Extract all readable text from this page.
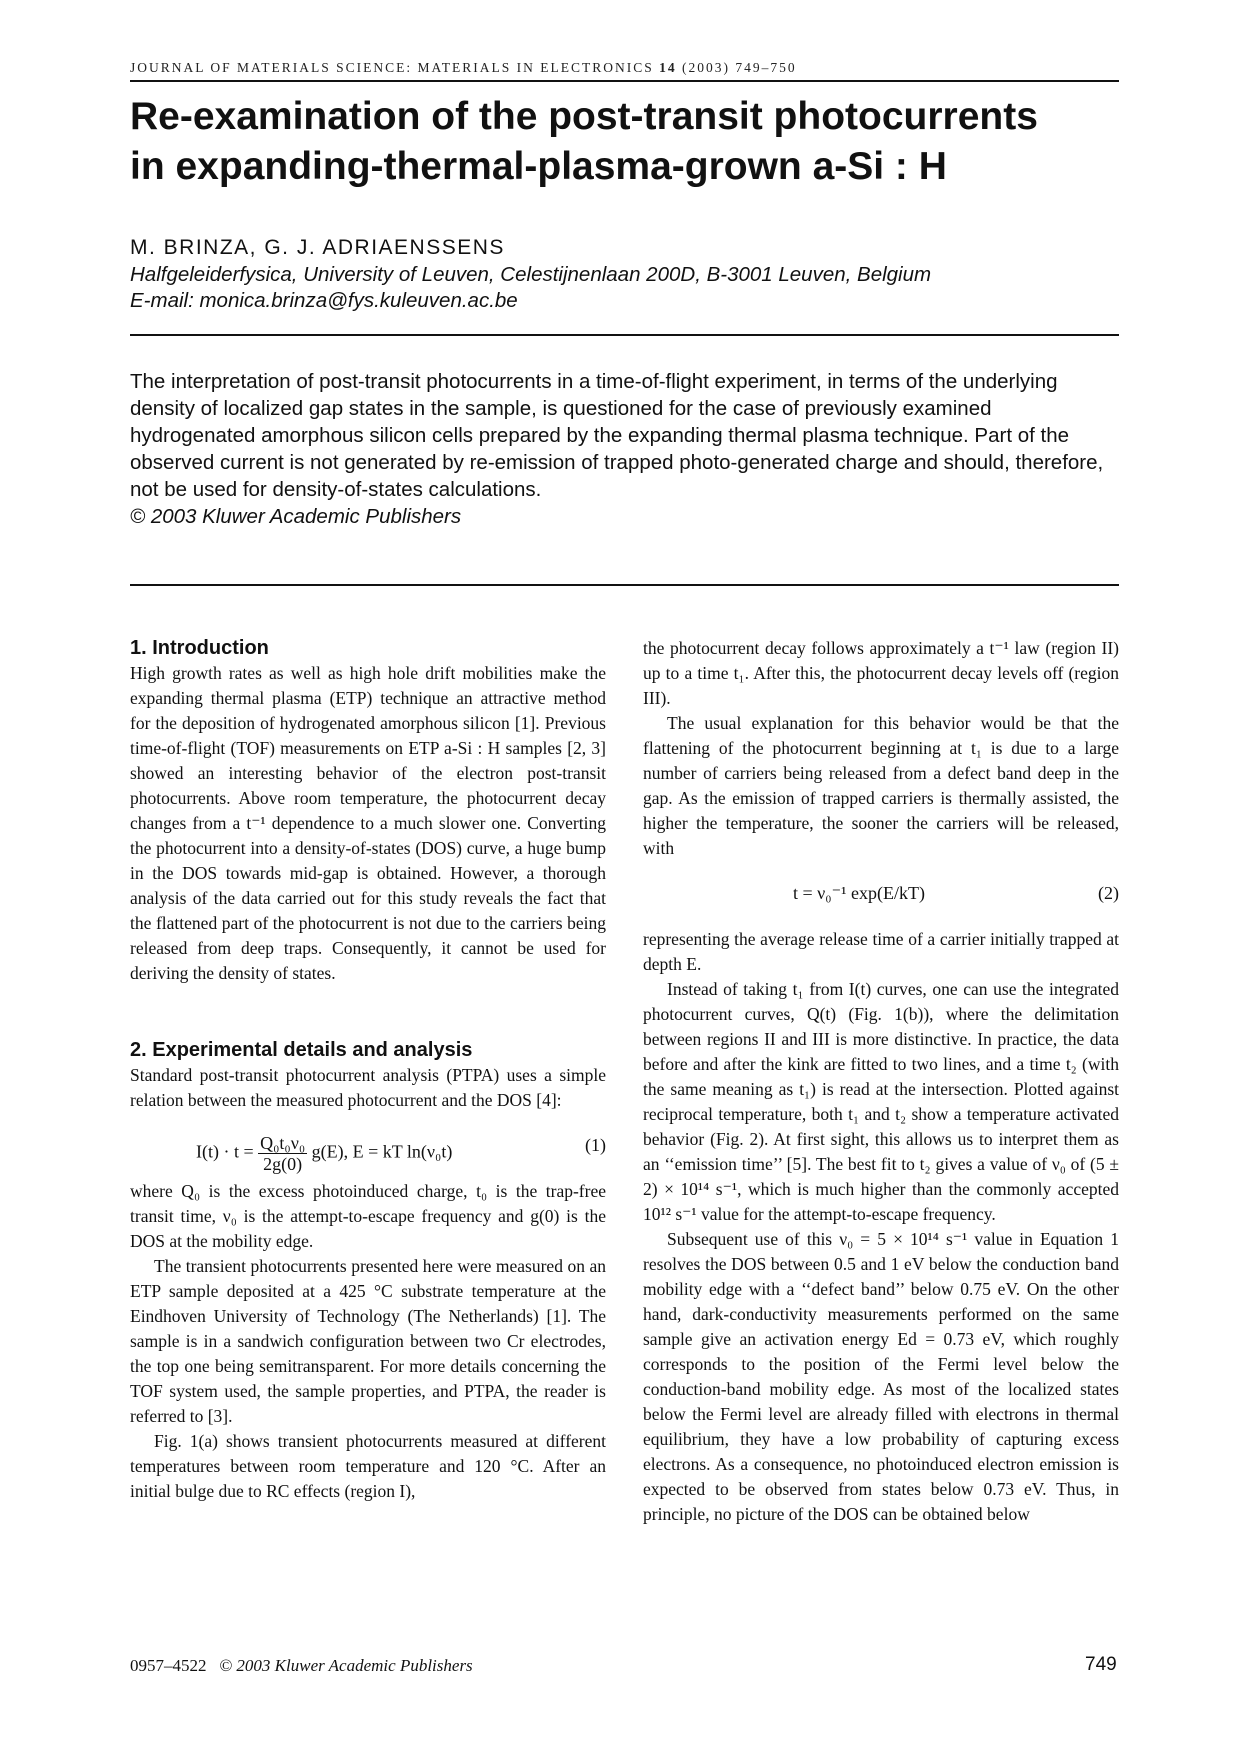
JOURNAL OF MATERIALS SCIENCE: MATERIALS IN ELECTRONICS 14 (2003) 749–750
Re-examination of the post-transit photocurrents
in expanding-thermal-plasma-grown a-Si : H
M. BRINZA, G. J. ADRIAENSSENS
Halfgeleiderfysica, University of Leuven, Celestijnenlaan 200D, B-3001 Leuven, Belgium
E-mail: monica.brinza@fys.kuleuven.ac.be

The interpretation of post-transit photocurrents in a time-of-flight experiment, in terms of the underlying density of localized gap states in the sample, is questioned for the case of previously examined hydrogenated amorphous silicon cells prepared by the expanding thermal plasma technique. Part of the observed current is not generated by re-emission of trapped photo-generated charge and should, therefore, not be used for density-of-states calculations.

© 2003 Kluwer Academic Publishers

1. Introduction

High growth rates as well as high hole drift mobilities make the expanding thermal plasma (ETP) technique an attractive method for the deposition of hydrogenated amorphous silicon [1]. Previous time-of-flight (TOF) measurements on ETP a-Si : H samples [2, 3] showed an interesting behavior of the electron post-transit photocurrents. Above room temperature, the photocurrent decay changes from a t⁻¹ dependence to a much slower one. Converting the photocurrent into a density-of-states (DOS) curve, a huge bump in the DOS towards mid-gap is obtained. However, a thorough analysis of the data carried out for this study reveals the fact that the flattened part of the photocurrent is not due to the carriers being released from deep traps. Consequently, it cannot be used for deriving the density of states.

2. Experimental details and analysis

Standard post-transit photocurrent analysis (PTPA) uses a simple relation between the measured photocurrent and the DOS [4]:

$I(t) \cdot t = \frac{\text{Q₀t₀ν₀}}{2g(0)} g(E)$, E = kT ln(ν₀t)	(1)

where Q₀ is the excess photoinduced charge, t₀ is the trap-free transit time, ν₀ is the attempt-to-escape frequency and g(0) is the DOS at the mobility edge.

The transient photocurrents presented here were measured on an ETP sample deposited at a 425 °C substrate temperature at the Eindhoven University of Technology (The Netherlands) [1]. The sample is in a sandwich configuration between two Cr electrodes, the top one being semitransparent. For more details concerning the TOF system used, the sample properties, and PTPA, the reader is referred to [3].

Fig. 1(a) shows transient photocurrents measured at different temperatures between room temperature and 120 °C. After an initial bulge due to RC effects (region I),

the photocurrent decay follows approximately a t⁻¹ law (region II) up to a time t₁. After this, the photocurrent decay levels off (region III).

The usual explanation for this behavior would be that the flattening of the photocurrent beginning at t₁ is due to a large number of carriers being released from a defect band deep in the gap. As the emission of trapped carriers is thermally assisted, the higher the temperature, the sooner the carriers will be released, with

t = ν₀⁻¹ exp(E/kT)	(2)

representing the average release time of a carrier initially trapped at depth E.

Instead of taking t₁ from I(t) curves, one can use the integrated photocurrent curves, Q(t) (Fig. 1(b)), where the delimitation between regions II and III is more distinctive. In practice, the data before and after the kink are fitted to two lines, and a time t₂ (with the same meaning as t₁) is read at the intersection. Plotted against reciprocal temperature, both t₁ and t₂ show a temperature activated behavior (Fig. 2). At first sight, this allows us to interpret them as an ‘‘emission time’’ [5]. The best fit to t₂ gives a value of ν₀ of (5 ± 2) × 10¹⁴ s⁻¹, which is much higher than the commonly accepted 10¹² s⁻¹ value for the attempt-to-escape frequency.

Subsequent use of this ν₀ = 5 × 10¹⁴ s⁻¹ value in Equation 1 resolves the DOS between 0.5 and 1 eV below the conduction band mobility edge with a ‘‘defect band’’ below 0.75 eV. On the other hand, dark-conductivity measurements performed on the same sample give an activation energy Ed = 0.73 eV, which roughly corresponds to the position of the Fermi level below the conduction-band mobility edge. As most of the localized states below the Fermi level are already filled with electrons in thermal equilibrium, they have a low probability of capturing excess electrons. As a consequence, no photoinduced electron emission is expected to be observed from states below 0.73 eV. Thus, in principle, no picture of the DOS can be obtained below

0957–4522 © 2003 Kluwer Academic Publishers	749
